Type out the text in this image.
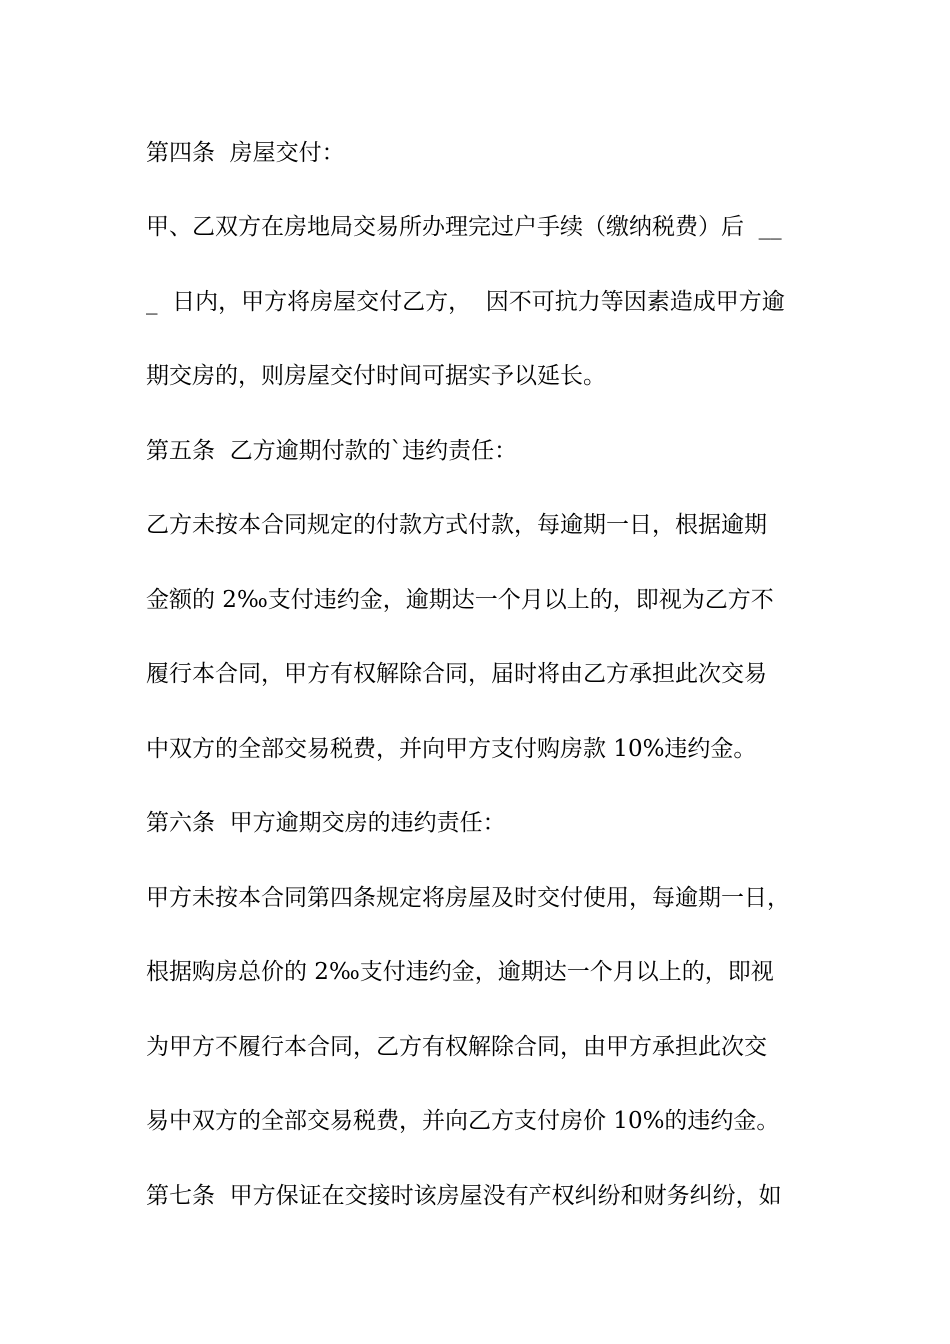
第四条  房屋交付：

甲、乙双方在房地局交易所办理完过户手续（缴纳税费）后  __

_  日内，甲方将房屋交付乙方，  因不可抗力等因素造成甲方逾

期交房的，则房屋交付时间可据实予以延长。

第五条  乙方逾期付款的`违约责任：

乙方未按本合同规定的付款方式付款，每逾期一日，根据逾期

金额的 2‰支付违约金，逾期达一个月以上的，即视为乙方不

履行本合同，甲方有权解除合同，届时将由乙方承担此次交易

中双方的全部交易税费，并向甲方支付购房款 10%违约金。

第六条  甲方逾期交房的违约责任：

甲方未按本合同第四条规定将房屋及时交付使用，每逾期一日，

根据购房总价的 2‰支付违约金，逾期达一个月以上的，即视

为甲方不履行本合同，乙方有权解除合同，由甲方承担此次交

易中双方的全部交易税费，并向乙方支付房价 10%的违约金。

第七条  甲方保证在交接时该房屋没有产权纠纷和财务纠纷，如
